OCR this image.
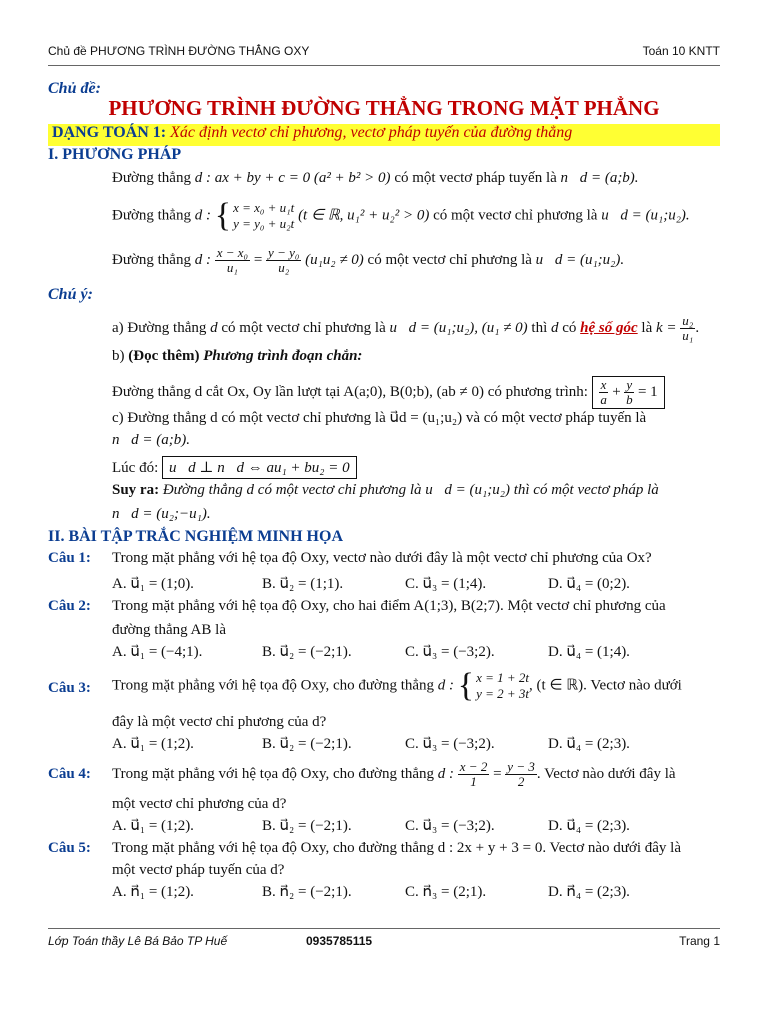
Chủ đề PHƯƠNG TRÌNH ĐƯỜNG THẲNG OXY	Toán 10 KNTT
Chủ đề:
PHƯƠNG TRÌNH ĐƯỜNG THẲNG TRONG MẶT PHẲNG
DẠNG TOÁN 1: Xác định vectơ chỉ phương, vectơ pháp tuyến của đường thẳng
I. PHƯƠNG PHÁP
Đường thẳng d : ax + by + c = 0 (a² + b² > 0) có một vectơ pháp tuyến là n⃗d = (a;b).
Đường thẳng d : { x = x₀ + u₁t
y = y₀ + u₂t
(t ∈ ℝ, u₁² + u₂² > 0) có một vectơ chỉ phương là u⃗d = (u₁;u₂).
Đường thẳng d : $\frac{\text{x − x₀}}{\text{u₁}} = \frac{\text{y − y₀}}{\text{u₂}} (u_1u_2 \ne 0)$ có một vectơ chỉ phương là u⃗d = (u₁;u₂).
Chú ý:
a) Đường thẳng d có một vectơ chỉ phương là u⃗d = (u₁;u₂), (u₁ ≠ 0) thì d có hệ số góc là $k = \frac{\text{u₂}}{\text{u₁}}$ .
b) (Đọc thêm) Phương trình đoạn chắn:
Đường thẳng d cắt Ox, Oy lần lượt tại A(a;0), B(0;b), (ab ≠ 0) có phương trình: $\frac{x}{a} + \frac{y}{b} = 1$
c) Đường thẳng d có một vectơ chỉ phương là u⃗d = (u₁;u₂) và có một vectơ pháp tuyến là
n⃗d = (a;b).
Lúc đó: u⃗d ⊥ n⃗d ⇔ au₁ + bu₂ = 0
Suy ra: Đường thẳng d có một vectơ chỉ phương là u⃗d = (u₁;u₂) thì có một vectơ pháp là
n⃗d = (u₂;−u₁).
II. BÀI TẬP TRẮC NGHIỆM MINH HỌA
Câu 1: Trong mặt phẳng với hệ tọa độ Oxy, vectơ nào dưới đây là một vectơ chỉ phương của Ox?
A. u⃗₁ = (1;0).	B. u⃗₂ = (1;1).	C. u⃗₃ = (1;4).	D. u⃗₄ = (0;2).
Câu 2: Trong mặt phẳng với hệ tọa độ Oxy, cho hai điểm A(1;3), B(2;7). Một vectơ chỉ phương của
đường thẳng AB là
A. u⃗₁ = (−4;1).	B. u⃗₂ = (−2;1).	C. u⃗₃ = (−3;2).	D. u⃗₄ = (1;4).
Câu 3: Trong mặt phẳng với hệ tọa độ Oxy, cho đường thẳng d : { x = 1 + 2t
y = 2 + 3t
, (t ∈ ℝ). Vectơ nào dưới
đây là một vectơ chỉ phương của d?
A. u⃗₁ = (1;2).	B. u⃗₂ = (−2;1).	C. u⃗₃ = (−3;2).	D. u⃗₄ = (2;3).
Câu 4: Trong mặt phẳng với hệ tọa độ Oxy, cho đường thẳng d : $\frac{x - 2}{1} = \frac{y - 3}{2}$ . Vectơ nào dưới đây là
một vectơ chỉ phương của d?
A. u⃗₁ = (1;2).	B. u⃗₂ = (−2;1).	C. u⃗₃ = (−3;2).	D. u⃗₄ = (2;3).
Câu 5: Trong mặt phẳng với hệ tọa độ Oxy, cho đường thẳng d : 2x + y + 3 = 0. Vectơ nào dưới đây là
một vectơ pháp tuyến của d?
A. n⃗₁ = (1;2).	B. n⃗₂ = (−2;1).	C. n⃗₃ = (2;1).	D. n⃗₄ = (2;3).
Lớp Toán thầy Lê Bá Bảo TP Huế	0935785115	Trang 1
